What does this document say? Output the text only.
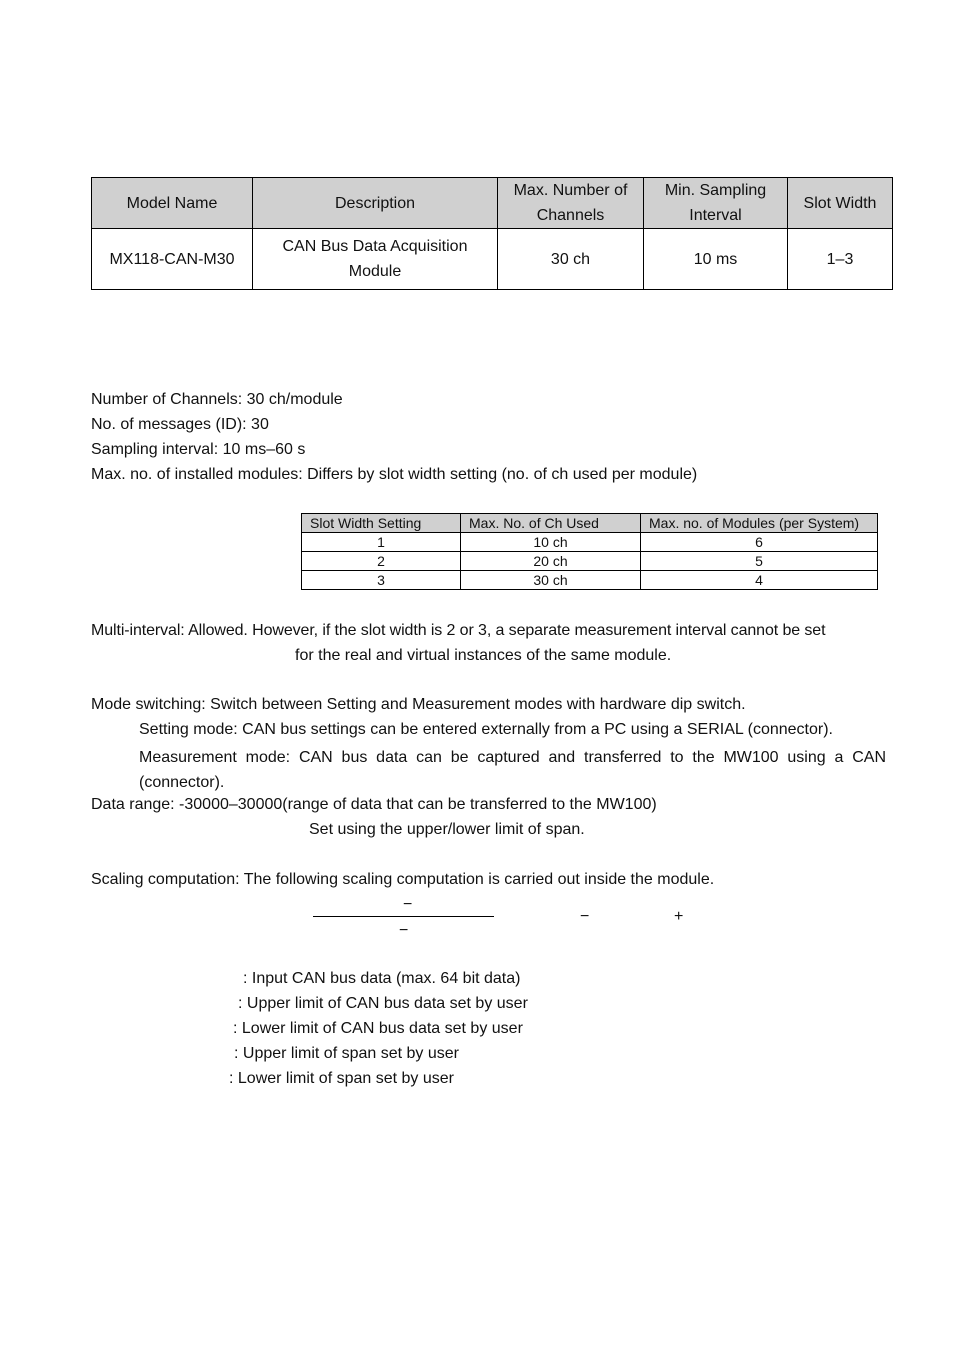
Model Name	Description	Max. Number of Channels	Min. Sampling Interval	Slot Width
MX118-CAN-M30	CAN Bus Data Acquisition Module	30 ch	10 ms	1–3
Number of Channels: 30 ch/module
No. of messages (ID): 30
Sampling interval: 10 ms–60 s
Max. no. of installed modules: Differs by slot width setting (no. of ch used per module)
Slot Width Setting	Max. No. of Ch Used	Max. no. of Modules (per System)
1	10 ch	6
2	20 ch	5
3	30 ch	4
Multi-interval: Allowed. However, if the slot width is 2 or 3, a separate measurement interval cannot be set
for the real and virtual instances of the same module.
Mode switching: Switch between Setting and Measurement modes with hardware dip switch.
Setting mode: CAN bus settings can be entered externally from a PC using a SERIAL (connector).
Measurement mode: CAN bus data can be captured and transferred to the MW100 using a CAN (connector).
Data range: -30000–30000(range of data that can be transferred to the MW100)
Set using the upper/lower limit of span.
Scaling computation: The following scaling computation is carried out inside the module.
−
−
−	+
: Input CAN bus data (max. 64 bit data)
: Upper limit of CAN bus data set by user
: Lower limit of CAN bus data set by user
: Upper limit of span set by user
: Lower limit of span set by user
